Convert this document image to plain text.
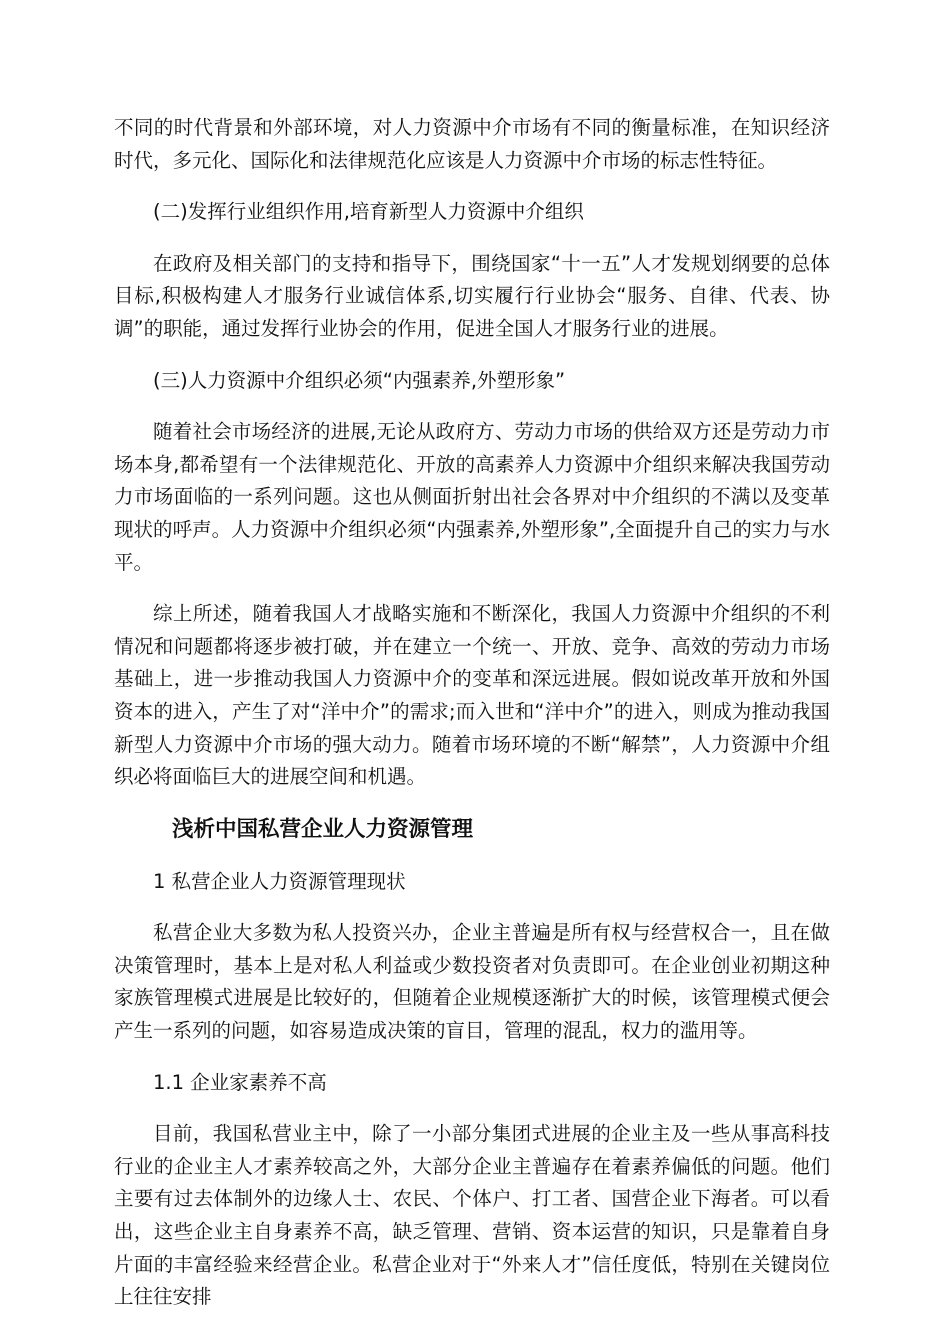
不同的时代背景和外部环境，对人力资源中介市场有不同的衡量标准，在知识经济时代，多元化、国际化和法律规范化应该是人力资源中介市场的标志性特征。

(二)发挥行业组织作用,培育新型人力资源中介组织

在政府及相关部门的支持和指导下，围绕国家“十一五”人才发规划纲要的总体目标,积极构建人才服务行业诚信体系,切实履行行业协会“服务、自律、代表、协调”的职能，通过发挥行业协会的作用，促进全国人才服务行业的进展。

(三)人力资源中介组织必须“内强素养,外塑形象”

随着社会市场经济的进展,无论从政府方、劳动力市场的供给双方还是劳动力市场本身,都希望有一个法律规范化、开放的高素养人力资源中介组织来解决我国劳动力市场面临的一系列问题。这也从侧面折射出社会各界对中介组织的不满以及变革现状的呼声。人力资源中介组织必须“内强素养,外塑形象”,全面提升自己的实力与水平。

综上所述，随着我国人才战略实施和不断深化，我国人力资源中介组织的不利情况和问题都将逐步被打破，并在建立一个统一、开放、竞争、高效的劳动力市场基础上，进一步推动我国人力资源中介的变革和深远进展。假如说改革开放和外国资本的进入，产生了对“洋中介”的需求;而入世和“洋中介”的进入，则成为推动我国新型人力资源中介市场的强大动力。随着市场环境的不断“解禁”，人力资源中介组织必将面临巨大的进展空间和机遇。

浅析中国私营企业人力资源管理

1 私营企业人力资源管理现状

私营企业大多数为私人投资兴办，企业主普遍是所有权与经营权合一，且在做决策管理时，基本上是对私人利益或少数投资者对负责即可。在企业创业初期这种家族管理模式进展是比较好的，但随着企业规模逐渐扩大的时候，该管理模式便会产生一系列的问题，如容易造成决策的盲目，管理的混乱，权力的滥用等。

1.1 企业家素养不高

目前，我国私营业主中，除了一小部分集团式进展的企业主及一些从事高科技行业的企业主人才素养较高之外，大部分企业主普遍存在着素养偏低的问题。他们主要有过去体制外的边缘人士、农民、个体户、打工者、国营企业下海者。可以看出，这些企业主自身素养不高，缺乏管理、营销、资本运营的知识，只是靠着自身片面的丰富经验来经营企业。私营企业对于“外来人才”信任度低，特别在关键岗位上往往安排
